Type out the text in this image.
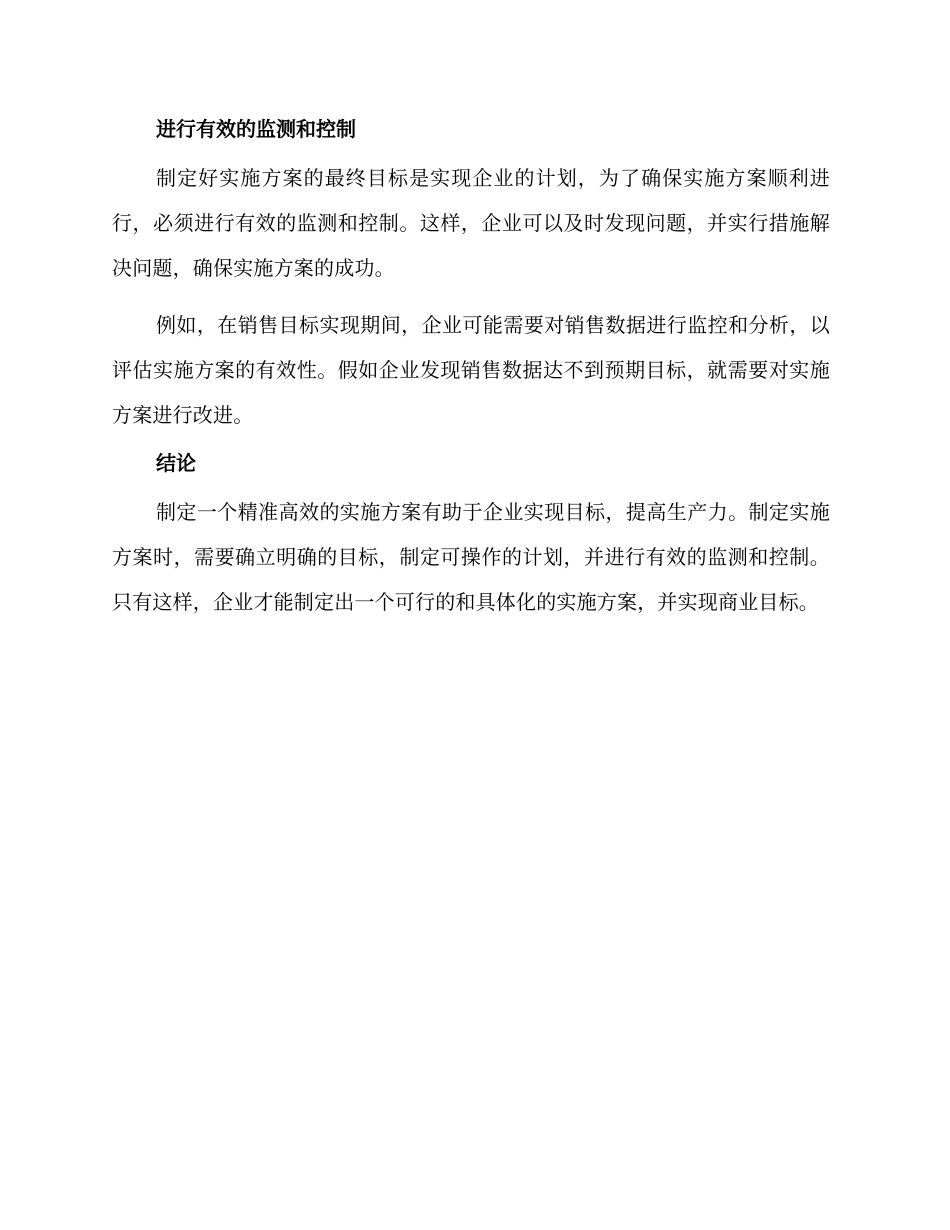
进行有效的监测和控制

制定好实施方案的最终目标是实现企业的计划，为了确保实施方案顺利进行，必须进行有效的监测和控制。这样，企业可以及时发现问题，并实行措施解决问题，确保实施方案的成功。

例如，在销售目标实现期间，企业可能需要对销售数据进行监控和分析，以评估实施方案的有效性。假如企业发现销售数据达不到预期目标，就需要对实施方案进行改进。

结论

制定一个精准高效的实施方案有助于企业实现目标，提高生产力。制定实施方案时，需要确立明确的目标，制定可操作的计划，并进行有效的监测和控制。只有这样，企业才能制定出一个可行的和具体化的实施方案，并实现商业目标。
